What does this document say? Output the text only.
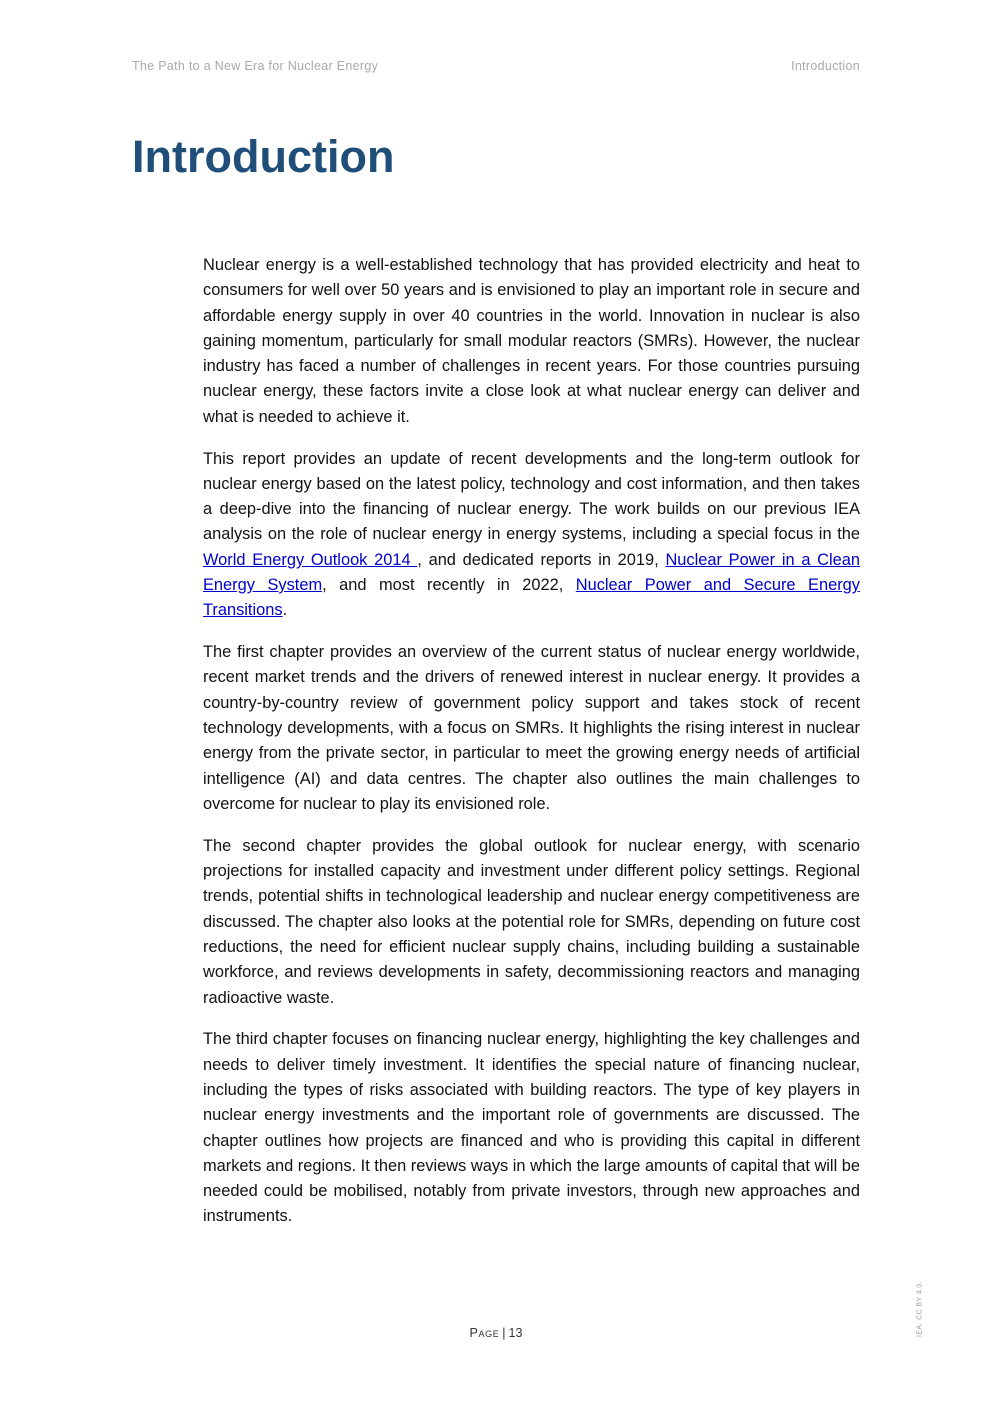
The Path to a New Era for Nuclear Energy	Introduction
Introduction

Nuclear energy is a well-established technology that has provided electricity and heat to consumers for well over 50 years and is envisioned to play an important role in secure and affordable energy supply in over 40 countries in the world. Innovation in nuclear is also gaining momentum, particularly for small modular reactors (SMRs). However, the nuclear industry has faced a number of challenges in recent years. For those countries pursuing nuclear energy, these factors invite a close look at what nuclear energy can deliver and what is needed to achieve it.

This report provides an update of recent developments and the long-term outlook for nuclear energy based on the latest policy, technology and cost information, and then takes a deep-dive into the financing of nuclear energy. The work builds on our previous IEA analysis on the role of nuclear energy in energy systems, including a special focus in the World Energy Outlook 2014 , and dedicated reports in 2019, Nuclear Power in a Clean Energy System, and most recently in 2022, Nuclear Power and Secure Energy Transitions.

The first chapter provides an overview of the current status of nuclear energy worldwide, recent market trends and the drivers of renewed interest in nuclear energy. It provides a country-by-country review of government policy support and takes stock of recent technology developments, with a focus on SMRs. It highlights the rising interest in nuclear energy from the private sector, in particular to meet the growing energy needs of artificial intelligence (AI) and data centres. The chapter also outlines the main challenges to overcome for nuclear to play its envisioned role.

The second chapter provides the global outlook for nuclear energy, with scenario projections for installed capacity and investment under different policy settings. Regional trends, potential shifts in technological leadership and nuclear energy competitiveness are discussed. The chapter also looks at the potential role for SMRs, depending on future cost reductions, the need for efficient nuclear supply chains, including building a sustainable workforce, and reviews developments in safety, decommissioning reactors and managing radioactive waste.

The third chapter focuses on financing nuclear energy, highlighting the key challenges and needs to deliver timely investment. It identifies the special nature of financing nuclear, including the types of risks associated with building reactors. The type of key players in nuclear energy investments and the important role of governments are discussed. The chapter outlines how projects are financed and who is providing this capital in different markets and regions. It then reviews ways in which the large amounts of capital that will be needed could be mobilised, notably from private investors, through new approaches and instruments.

Page | 13	IEA. CC BY 4.0.
